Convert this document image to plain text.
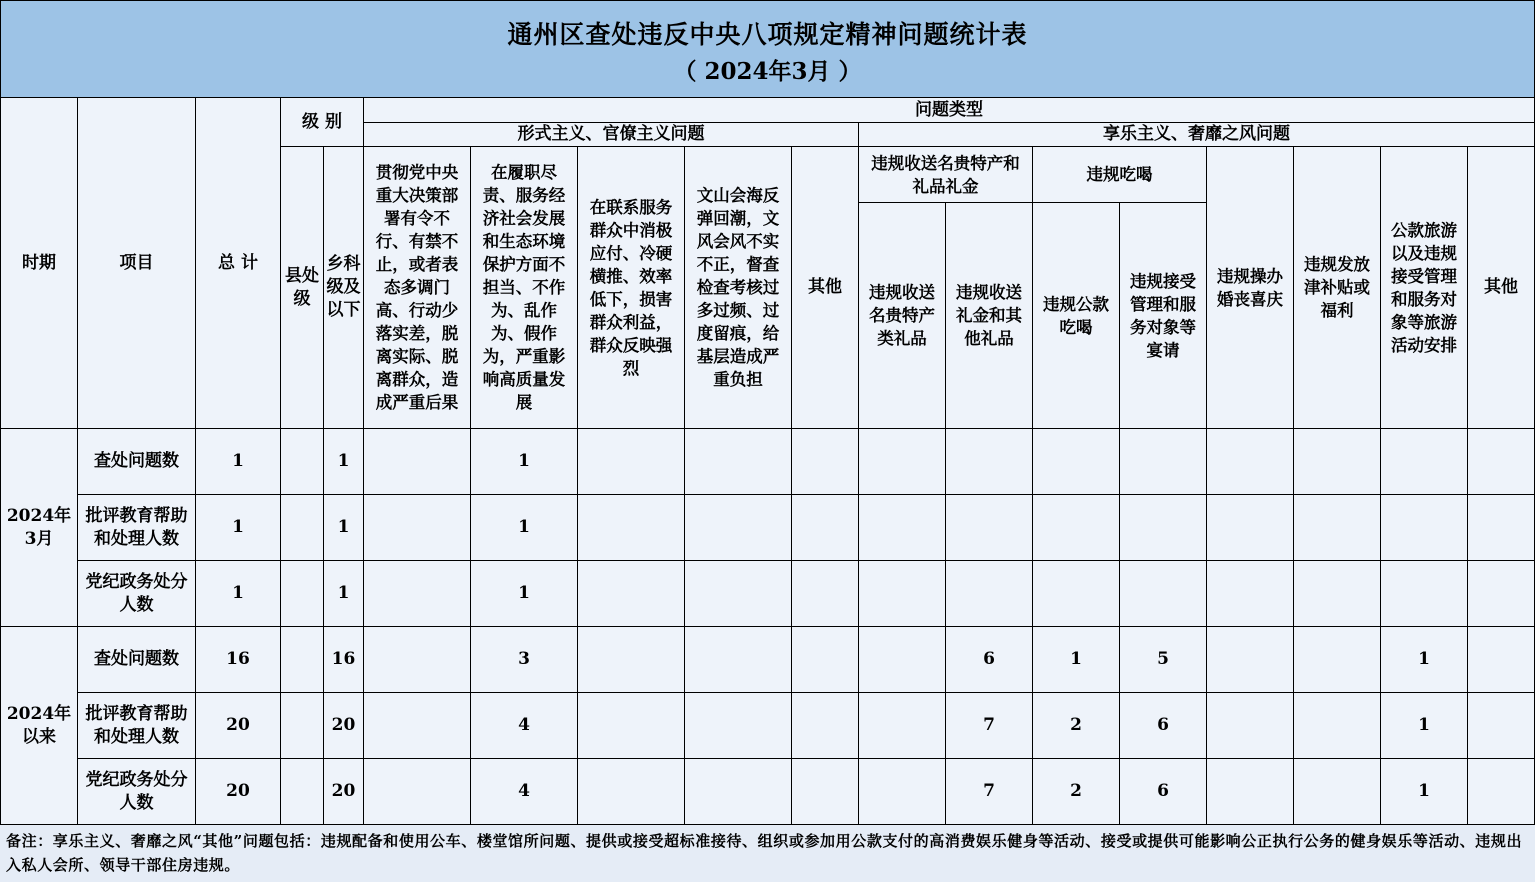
通州区查处违反中央八项规定精神问题统计表
（ 2024年3月 ）
时期	项目	总 计	级 别		问题类型												
					形式主义、官僚主义问题					享乐主义、奢靡之风问题							
			县处级	乡科级及以下	贯彻党中央重大决策部署有令不行、有禁不止，或者表态多调门高、行动少落实差，脱离实际、脱离群众，造成严重后果	在履职尽责、服务经济社会发展和生态环境保护方面不担当、不作为、乱作为、假作为，严重影响高质量发展	在联系服务群众中消极应付、冷硬横推、效率低下，损害群众利益，群众反映强烈	文山会海反弹回潮，文风会风不实不正，督查检查考核过多过频、过度留痕，给基层造成严重负担	其他	违规收送名贵特产和礼品礼金		违规吃喝		违规操办婚丧喜庆	违规发放津补贴或福利	公款旅游以及违规接受管理和服务对象等旅游活动安排	其他
										违规收送名贵特产类礼品	违规收送礼金和其他礼品	违规公款吃喝	违规接受管理和服务对象等宴请				

2024年3月	查处问题数	1		1		1											
	批评教育帮助和处理人数	1		1		1											
	党纪政务处分人数	1		1		1											
2024年以来	查处问题数	16		16		3					6	1	5			1	
	批评教育帮助和处理人数	20		20		4					7	2	6			1	
	党纪政务处分人数	20		20		4					7	2	6			1	
备注：享乐主义、奢靡之风“其他”问题包括：违规配备和使用公车、楼堂馆所问题、提供或接受超标准接待、组织或参加用公款支付的高消费娱乐健身等活动、接受或提供可能影响公正执行公务的健身娱乐等活动、违规出入私人会所、领导干部住房违规。
